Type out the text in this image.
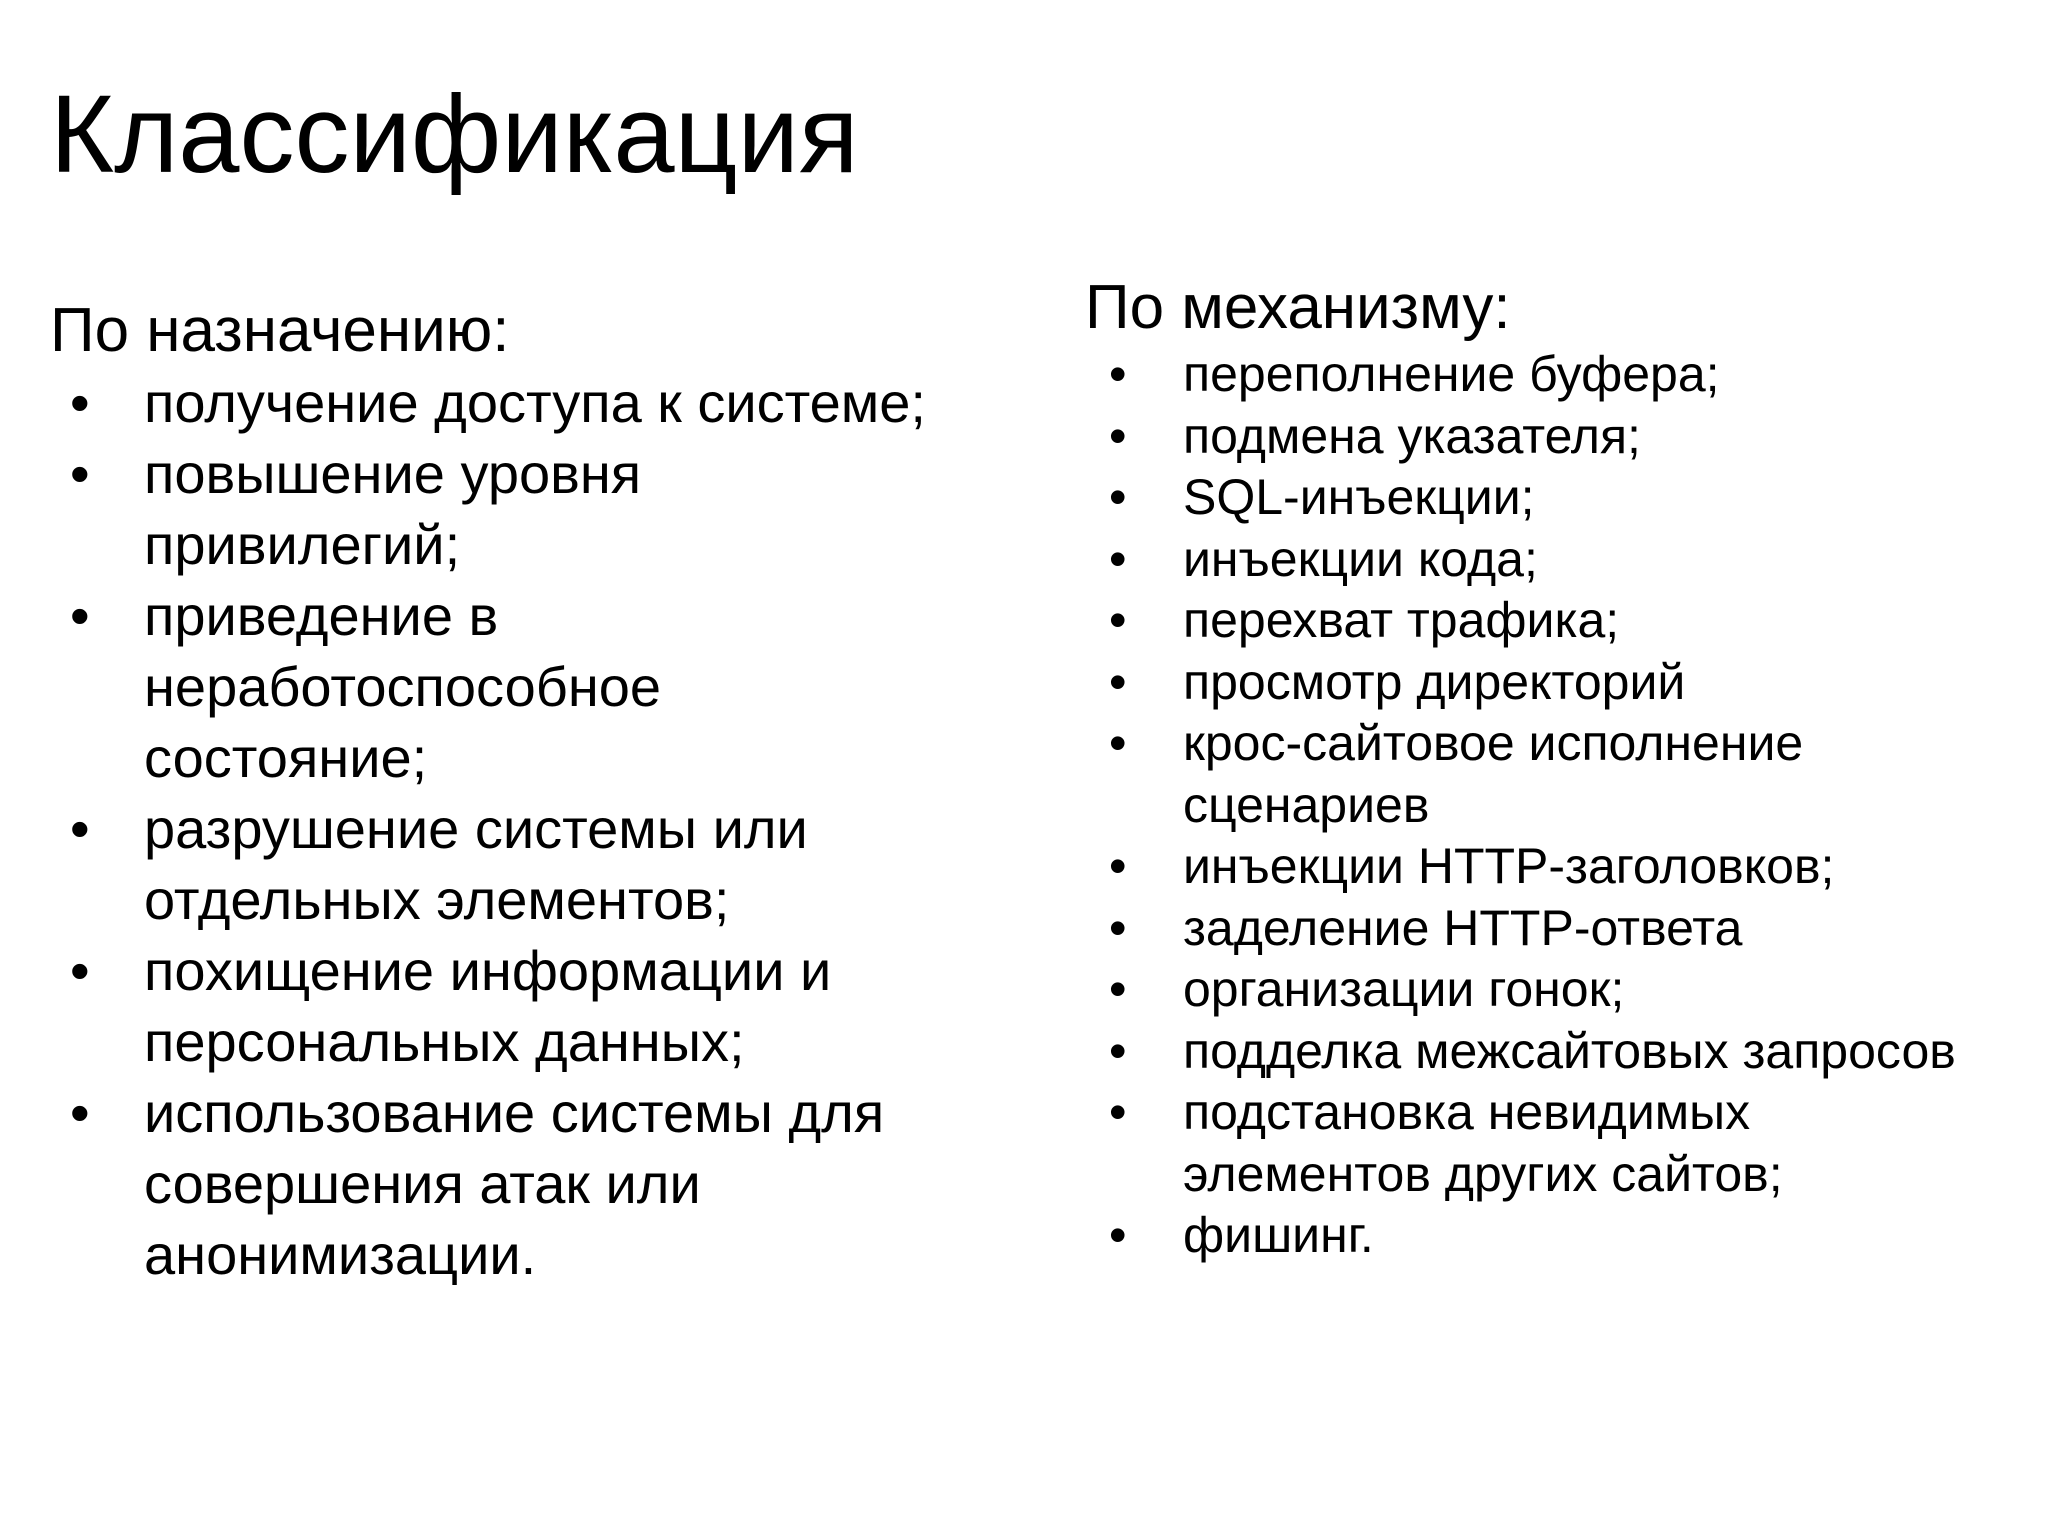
Классификация
По назначению:
• получение доступа к системе;
• повышение уровня привилегий;
• приведение в неработоспособное состояние;
• разрушение системы или отдельных элементов;
• похищение информации и персональных данных;
• использование системы для совершения атак или анонимизации.
По механизму:
• переполнение буфера;
• подмена указателя;
• SQL-инъекции;
• инъекции кода;
• перехват трафика;
• просмотр директорий
• крос-сайтовое исполнение сценариев
• инъекции HTTP-заголовков;
• заделение HTTP-ответа
• организации гонок;
• подделка межсайтовых запросов
• подстановка невидимых элементов других сайтов;
• фишинг.
